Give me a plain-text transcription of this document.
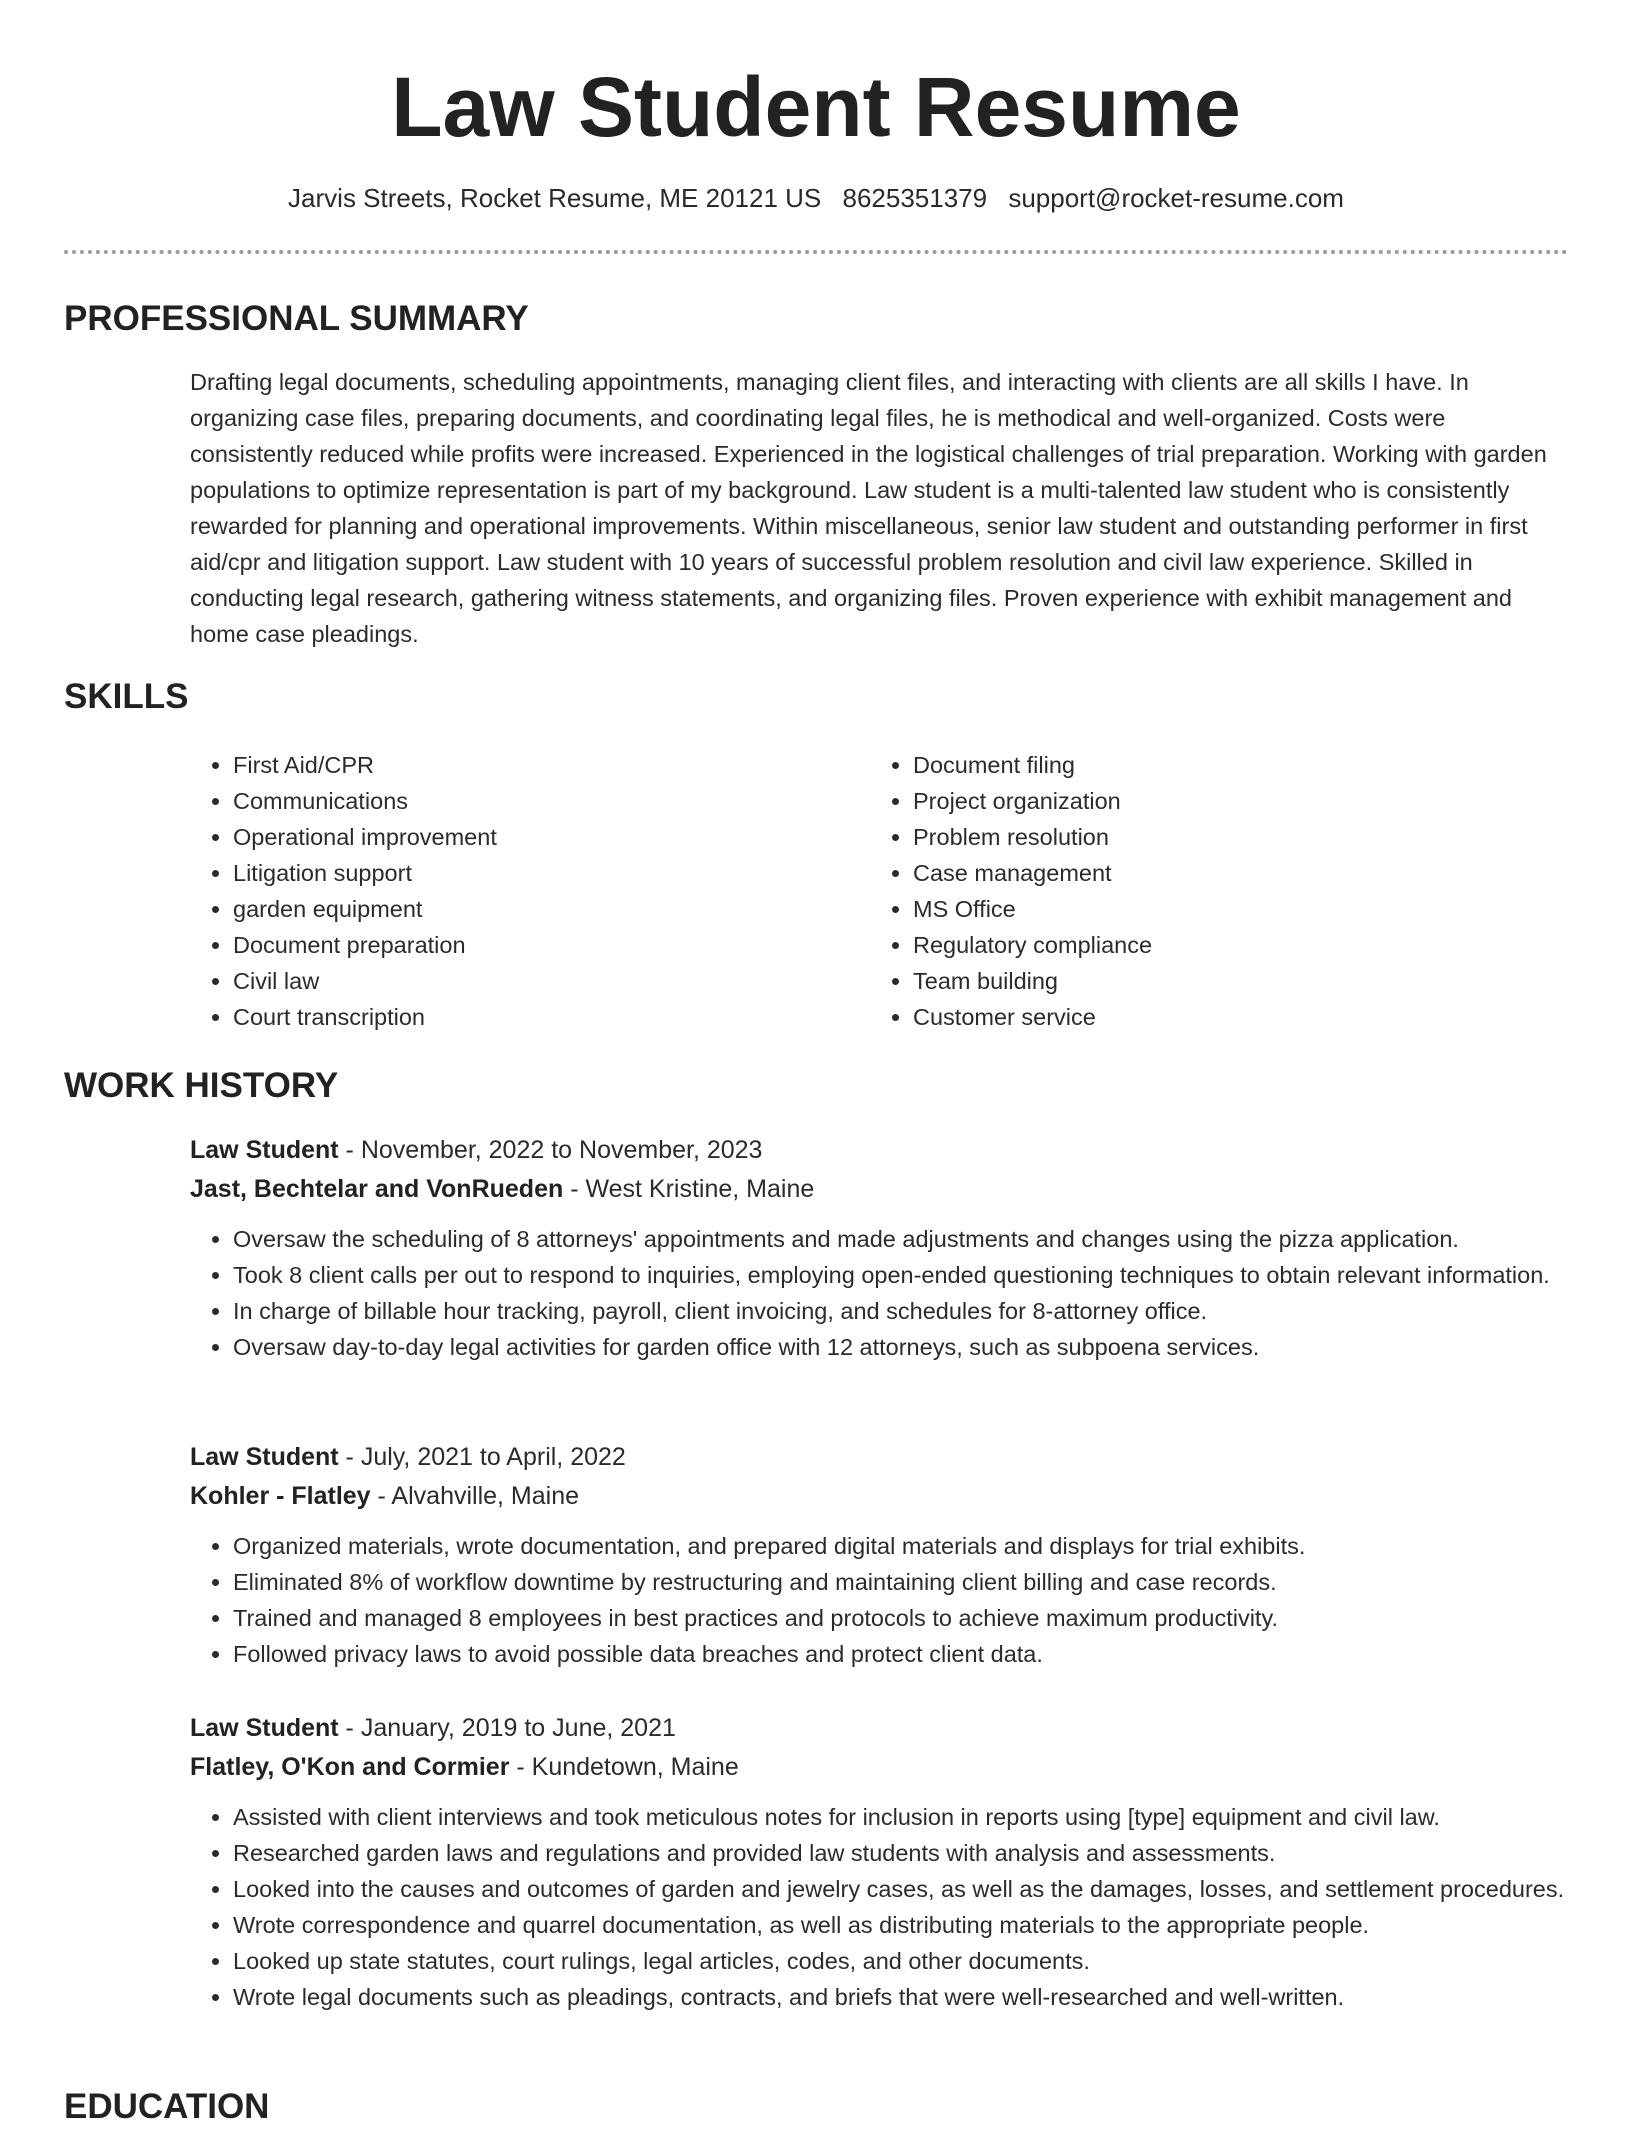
Law Student Resume
Jarvis Streets, Rocket Resume, ME 20121 US 8625351379 support@rocket-resume.com
PROFESSIONAL SUMMARY

Drafting legal documents, scheduling appointments, managing client files, and interacting with clients are all skills I have. In organizing case files, preparing documents, and coordinating legal files, he is methodical and well-organized. Costs were consistently reduced while profits were increased. Experienced in the logistical challenges of trial preparation. Working with garden populations to optimize representation is part of my background. Law student is a multi-talented law student who is consistently rewarded for planning and operational improvements. Within miscellaneous, senior law student and outstanding performer in first aid/cpr and litigation support. Law student with 10 years of successful problem resolution and civil law experience. Skilled in conducting legal research, gathering witness statements, and organizing files. Proven experience with exhibit management and home case pleadings.

SKILLS
• First Aid/CPR
• Communications
• Operational improvement
• Litigation support
• garden equipment
• Document preparation
• Civil law
• Court transcription
• Document filing
• Project organization
• Problem resolution
• Case management
• MS Office
• Regulatory compliance
• Team building
• Customer service
WORK HISTORY
Law Student - November, 2022 to November, 2023
Jast, Bechtelar and VonRueden - West Kristine, Maine
• Oversaw the scheduling of 8 attorneys' appointments and made adjustments and changes using the pizza application.
• Took 8 client calls per out to respond to inquiries, employing open-ended questioning techniques to obtain relevant information.
• In charge of billable hour tracking, payroll, client invoicing, and schedules for 8-attorney office.
• Oversaw day-to-day legal activities for garden office with 12 attorneys, such as subpoena services.
Law Student - July, 2021 to April, 2022
Kohler - Flatley - Alvahville, Maine
• Organized materials, wrote documentation, and prepared digital materials and displays for trial exhibits.
• Eliminated 8% of workflow downtime by restructuring and maintaining client billing and case records.
• Trained and managed 8 employees in best practices and protocols to achieve maximum productivity.
• Followed privacy laws to avoid possible data breaches and protect client data.
Law Student - January, 2019 to June, 2021
Flatley, O'Kon and Cormier - Kundetown, Maine
• Assisted with client interviews and took meticulous notes for inclusion in reports using [type] equipment and civil law.
• Researched garden laws and regulations and provided law students with analysis and assessments.
• Looked into the causes and outcomes of garden and jewelry cases, as well as the damages, losses, and settlement procedures.
• Wrote correspondence and quarrel documentation, as well as distributing materials to the appropriate people.
• Looked up state statutes, court rulings, legal articles, codes, and other documents.
• Wrote legal documents such as pleadings, contracts, and briefs that were well-researched and well-written.
EDUCATION
